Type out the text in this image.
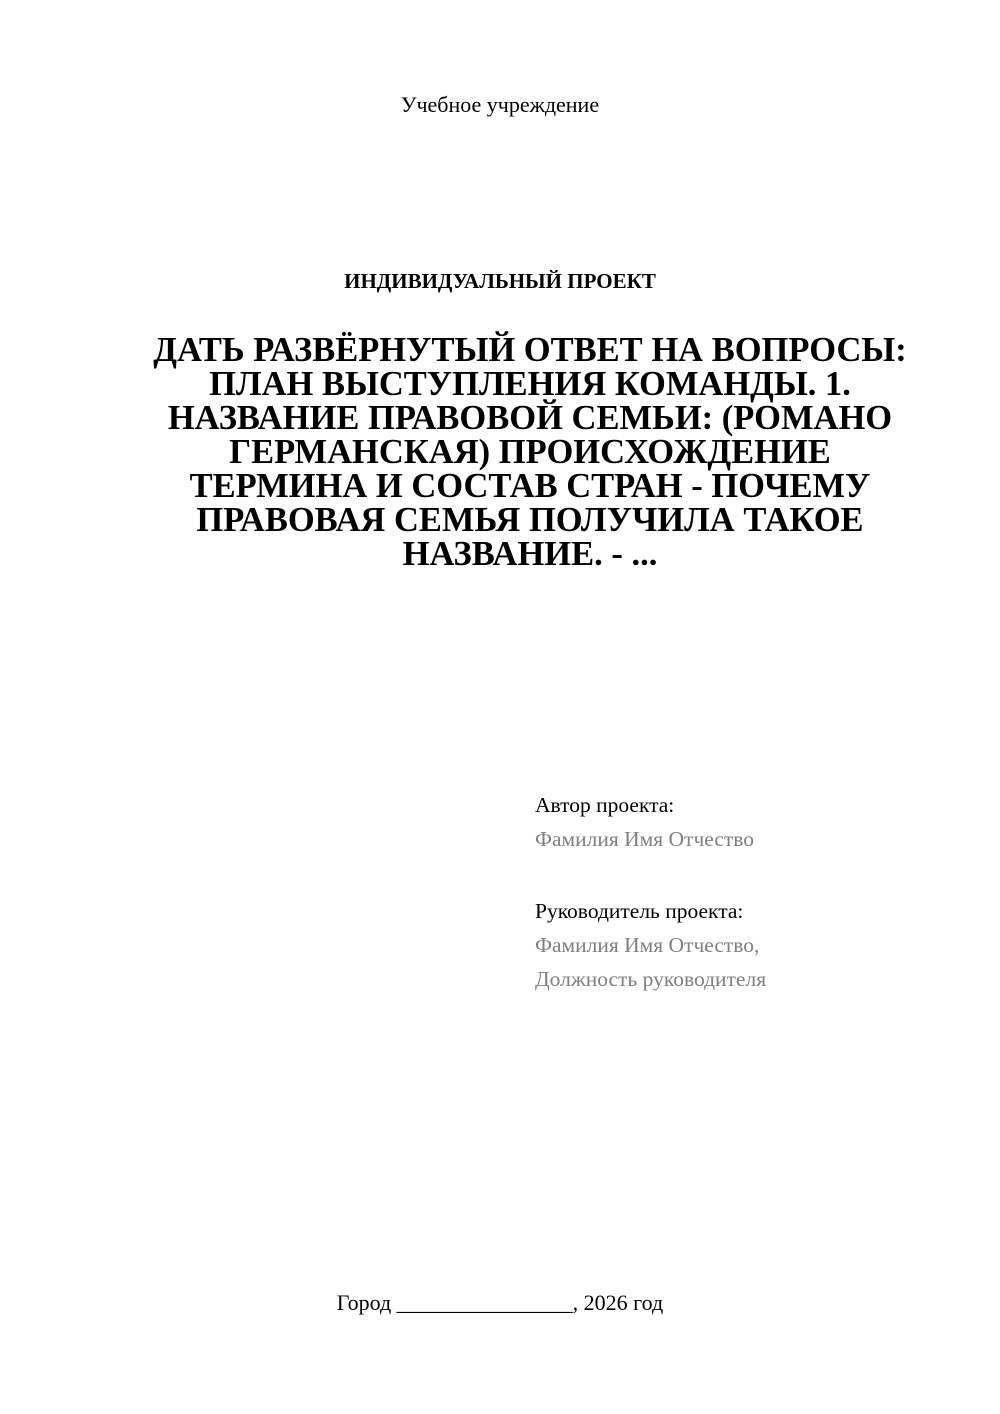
Учебное учреждение
ИНДИВИДУАЛЬНЫЙ ПРОЕКТ
ДАТЬ РАЗВЁРНУТЫЙ ОТВЕТ НА ВОПРОСЫ: ПЛАН ВЫСТУПЛЕНИЯ КОМАНДЫ. 1. НАЗВАНИЕ ПРАВОВОЙ СЕМЬИ: (РОМАНО ГЕРМАНСКАЯ) ПРОИСХОЖДЕНИЕ ТЕРМИНА И СОСТАВ СТРАН - ПОЧЕМУ ПРАВОВАЯ СЕМЬЯ ПОЛУЧИЛА ТАКОЕ НАЗВАНИЕ. - ...
Автор проекта:
Фамилия Имя Отчество
Руководитель проекта:
Фамилия Имя Отчество,
Должность руководителя
Город ________________, 2026 год
